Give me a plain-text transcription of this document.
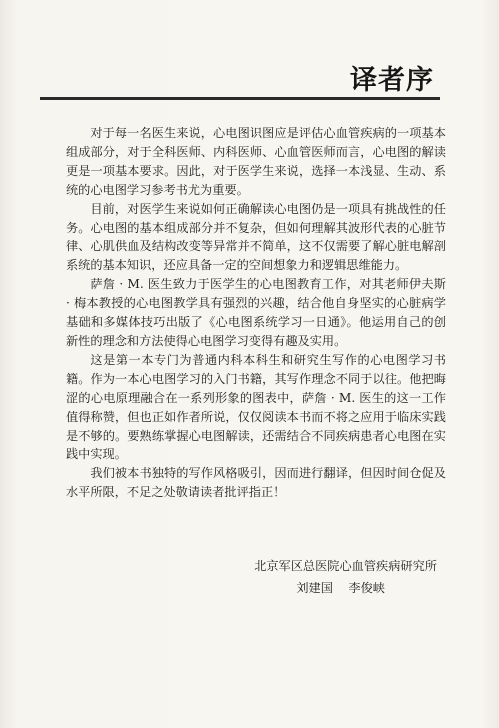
译者序

对于每一名医生来说，心电图识图应是评估心血管疾病的一项基本组成部分，对于全科医师、内科医师、心血管医师而言，心电图的解读更是一项基本要求。因此，对于医学生来说，选择一本浅显、生动、系统的心电图学习参考书尤为重要。

目前，对医学生来说如何正确解读心电图仍是一项具有挑战性的任务。心电图的基本组成部分并不复杂，但如何理解其波形代表的心脏节律、心肌供血及结构改变等异常并不简单，这不仅需要了解心脏电解剖系统的基本知识，还应具备一定的空间想象力和逻辑思维能力。

萨詹 · M. 医生致力于医学生的心电图教育工作，对其老师伊夫斯 · 梅本教授的心电图教学具有强烈的兴趣，结合他自身坚实的心脏病学基础和多媒体技巧出版了《心电图系统学习一日通》。他运用自己的创新性的理念和方法使得心电图学习变得有趣及实用。

这是第一本专门为普通内科本科生和研究生写作的心电图学习书籍。作为一本心电图学习的入门书籍，其写作理念不同于以往。他把晦涩的心电原理融合在一系列形象的图表中，萨詹 · M. 医生的这一工作值得称赞，但也正如作者所说，仅仅阅读本书而不将之应用于临床实践是不够的。要熟练掌握心电图解读，还需结合不同疾病患者心电图在实践中实现。

我们被本书独特的写作风格吸引，因而进行翻译，但因时间仓促及水平所限，不足之处敬请读者批评指正！

北京军区总医院心血管疾病研究所
刘建国    李俊峡
